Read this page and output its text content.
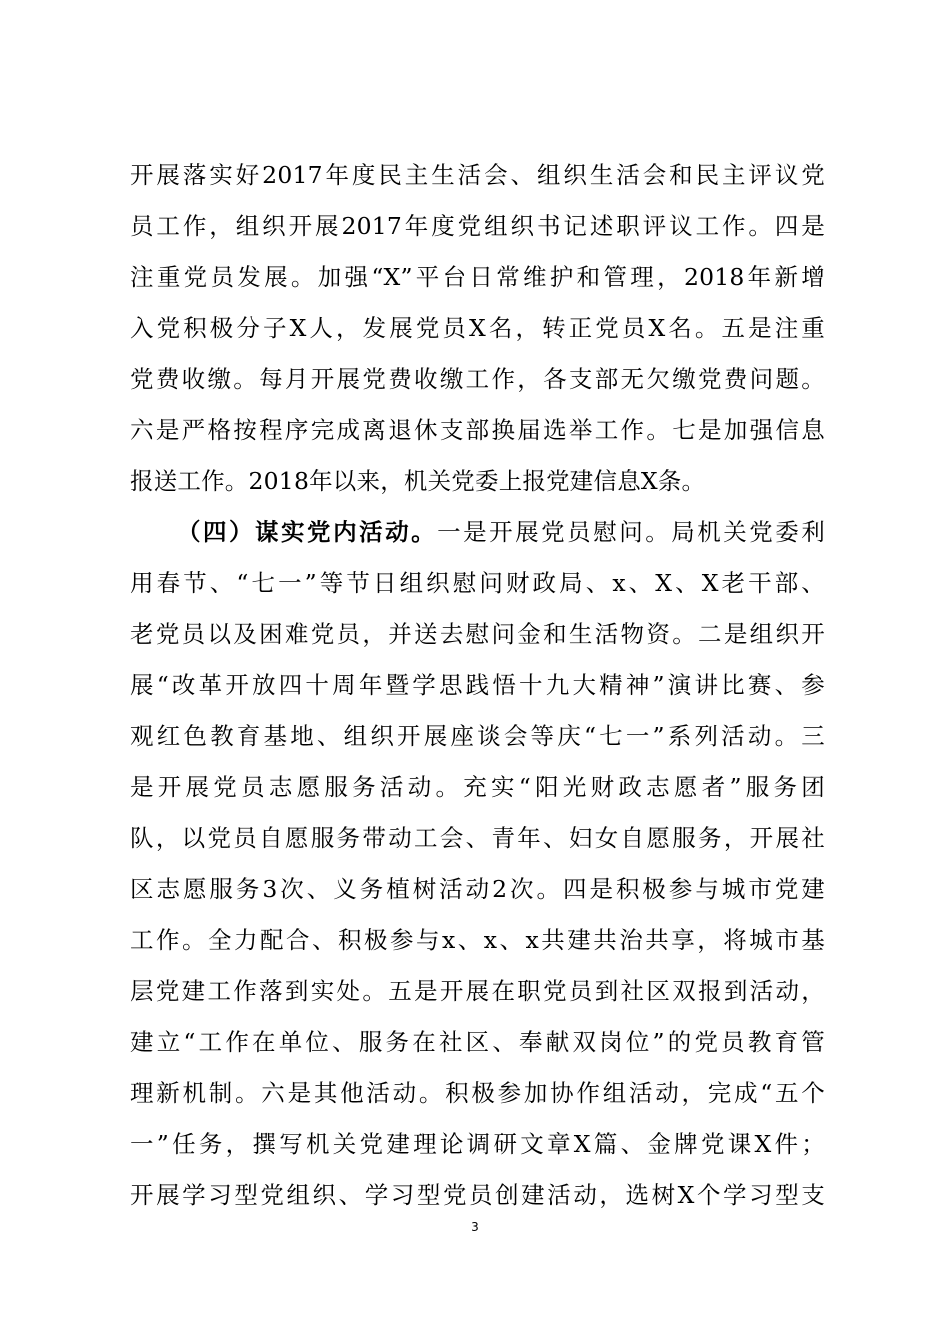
开展落实好2017年度民主生活会、组织生活会和民主评议党
员工作，组织开展2017年度党组织书记述职评议工作。四是
注重党员发展。加强“X”平台日常维护和管理，2018年新增
入党积极分子X人，发展党员X名，转正党员X名。五是注重
党费收缴。每月开展党费收缴工作，各支部无欠缴党费问题。
六是严格按程序完成离退休支部换届选举工作。七是加强信息
报送工作。2018年以来，机关党委上报党建信息X条。
（四）谋实党内活动。一是开展党员慰问。局机关党委利
用春节、“七一”等节日组织慰问财政局、x、X、X老干部、
老党员以及困难党员，并送去慰问金和生活物资。二是组织开
展“改革开放四十周年暨学思践悟十九大精神”演讲比赛、参
观红色教育基地、组织开展座谈会等庆“七一”系列活动。三
是开展党员志愿服务活动。充实“阳光财政志愿者”服务团
队，以党员自愿服务带动工会、青年、妇女自愿服务，开展社
区志愿服务3次、义务植树活动2次。四是积极参与城市党建
工作。全力配合、积极参与x、x、x共建共治共享，将城市基
层党建工作落到实处。五是开展在职党员到社区双报到活动，
建立“工作在单位、服务在社区、奉献双岗位”的党员教育管
理新机制。六是其他活动。积极参加协作组活动，完成“五个
一”任务，撰写机关党建理论调研文章X篇、金牌党课X件；
开展学习型党组织、学习型党员创建活动，选树X个学习型支
3
